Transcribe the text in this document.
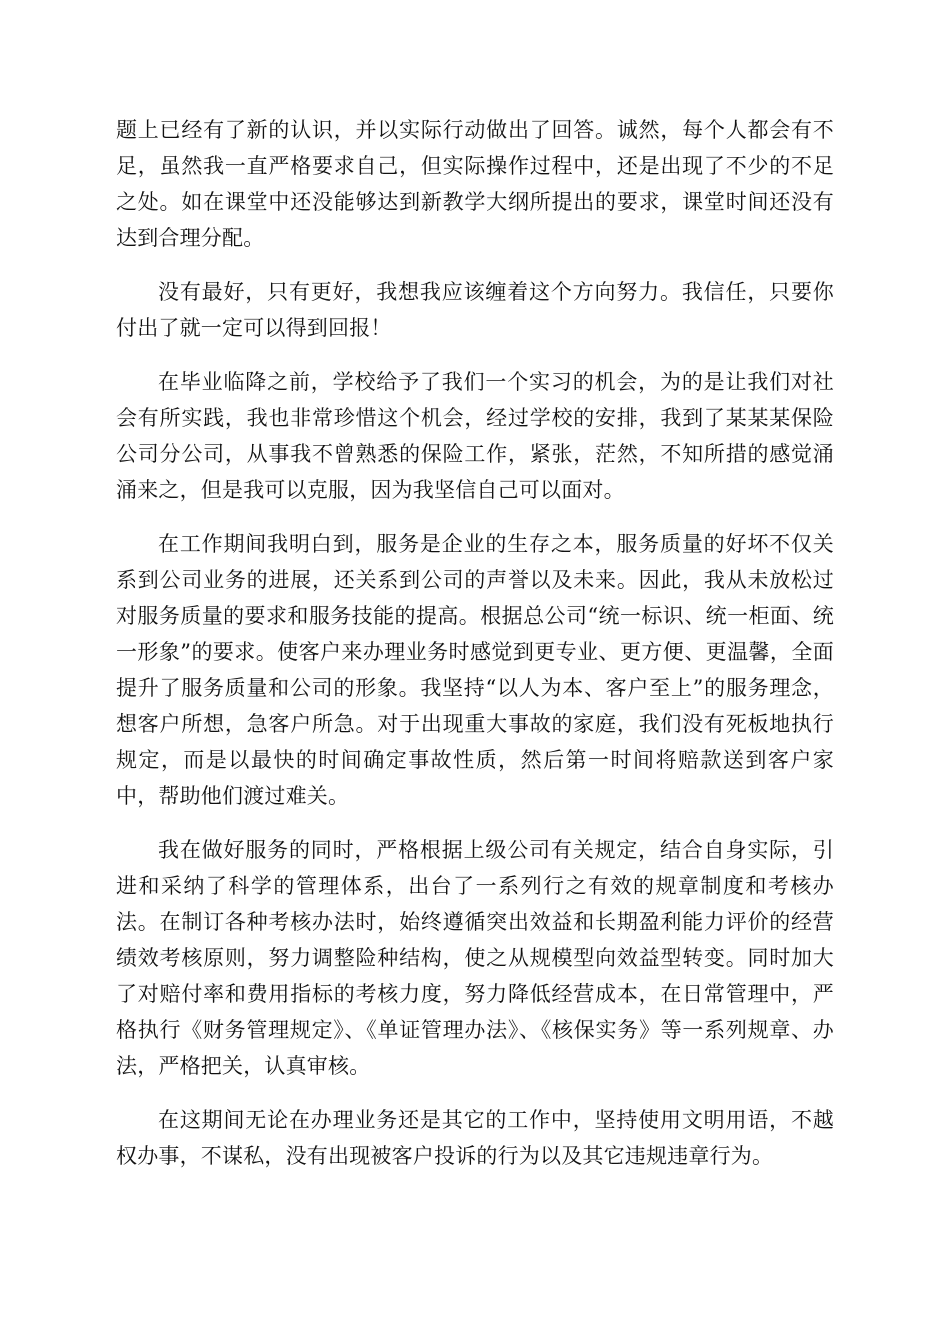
题上已经有了新的认识，并以实际行动做出了回答。诚然，每个人都会有不足，虽然我一直严格要求自己，但实际操作过程中，还是出现了不少的不足之处。如在课堂中还没能够达到新教学大纲所提出的要求，课堂时间还没有达到合理分配。

没有最好，只有更好，我想我应该缠着这个方向努力。我信任，只要你付出了就一定可以得到回报！

在毕业临降之前，学校给予了我们一个实习的机会，为的是让我们对社会有所实践，我也非常珍惜这个机会，经过学校的安排，我到了某某某保险公司分公司，从事我不曾熟悉的保险工作，紧张，茫然，不知所措的感觉涌涌来之，但是我可以克服，因为我坚信自己可以面对。

在工作期间我明白到，服务是企业的生存之本，服务质量的好坏不仅关系到公司业务的进展，还关系到公司的声誉以及未来。因此，我从未放松过对服务质量的要求和服务技能的提高。根据总公司“统一标识、统一柜面、统一形象”的要求。使客户来办理业务时感觉到更专业、更方便、更温馨，全面提升了服务质量和公司的形象。我坚持“以人为本、客户至上”的服务理念，想客户所想，急客户所急。对于出现重大事故的家庭，我们没有死板地执行规定，而是以最快的时间确定事故性质，然后第一时间将赔款送到客户家中，帮助他们渡过难关。

我在做好服务的同时，严格根据上级公司有关规定，结合自身实际，引进和采纳了科学的管理体系，出台了一系列行之有效的规章制度和考核办法。在制订各种考核办法时，始终遵循突出效益和长期盈利能力评价的经营绩效考核原则，努力调整险种结构，使之从规模型向效益型转变。同时加大了对赔付率和费用指标的考核力度，努力降低经营成本，在日常管理中，严格执行《财务管理规定》、《单证管理办法》、《核保实务》等一系列规章、办法，严格把关，认真审核。

在这期间无论在办理业务还是其它的工作中，坚持使用文明用语，不越权办事，不谋私，没有出现被客户投诉的行为以及其它违规违章行为。
